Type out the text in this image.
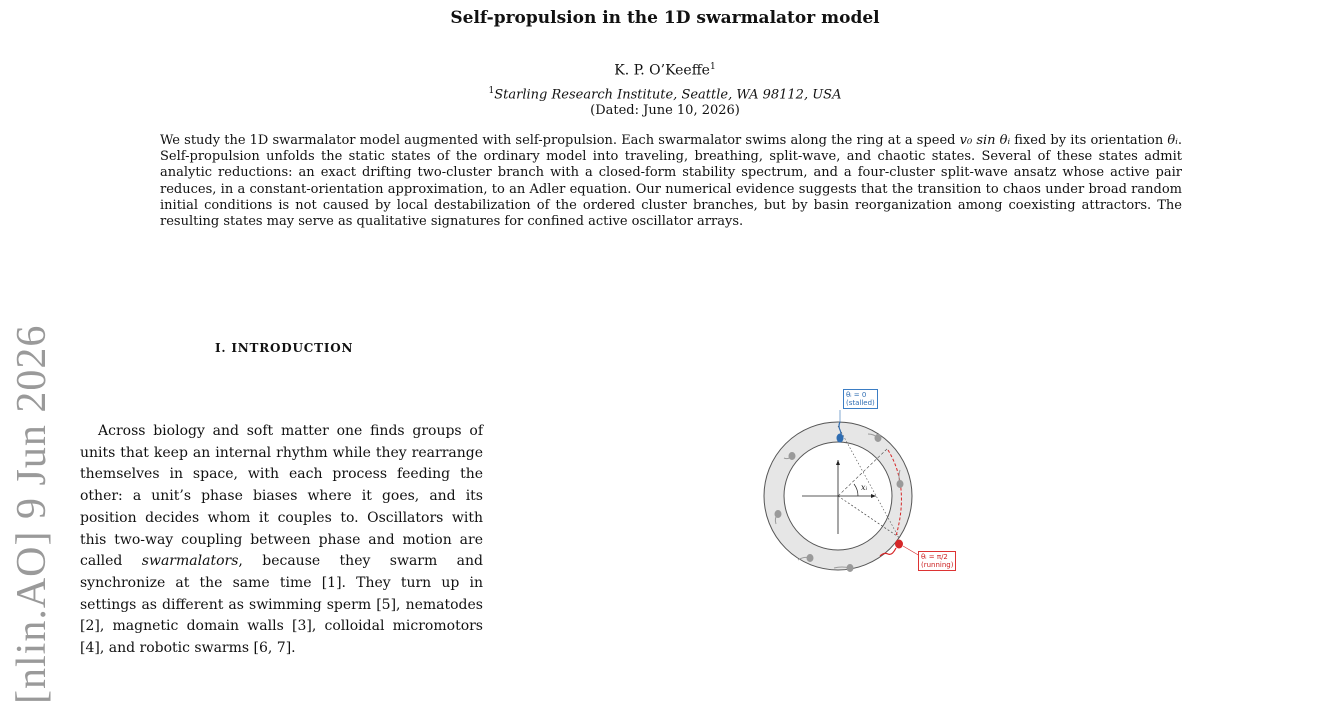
[nlin.AO] 9 Jun 2026
Self-propulsion in the 1D swarmalator model
K. P. O’Keeffe$^1$
$^1$Starling Research Institute, Seattle, WA 98112, USA
(Dated: June 10, 2026)
We study the 1D swarmalator model augmented with self-propulsion. Each swarmalator swims along the ring at a speed v₀ sin θᵢ fixed by its orientation θᵢ. Self-propulsion unfolds the static states of the ordinary model into traveling, breathing, split-wave, and chaotic states. Several of these states admit analytic reductions: an exact drifting two-cluster branch with a closed-form stability spectrum, and a four-cluster split-wave ansatz whose active pair reduces, in a constant-orientation approximation, to an Adler equation. Our numerical evidence suggests that the transition to chaos under broad random initial conditions is not caused by local destabilization of the ordered cluster branches, but by basin reorganization among coexisting attractors. The resulting states may serve as qualitative signatures for confined active oscillator arrays.
I. INTRODUCTION
Across biology and soft matter one finds groups of units that keep an internal rhythm while they rearrange themselves in space, with each process feeding the other: a unit’s phase biases where it goes, and its position decides whom it couples to. Oscillators with this two-way coupling between phase and motion are called swarmalators, because they swarm and synchronize at the same time [1]. They turn up in settings as different as swimming sperm [5], nematodes [2], magnetic domain walls [3], colloidal micromotors [4], and robotic swarms [6, 7].
xᵢ
θᵢ = 0
(stalled)
θᵢ = π/2
(running)
